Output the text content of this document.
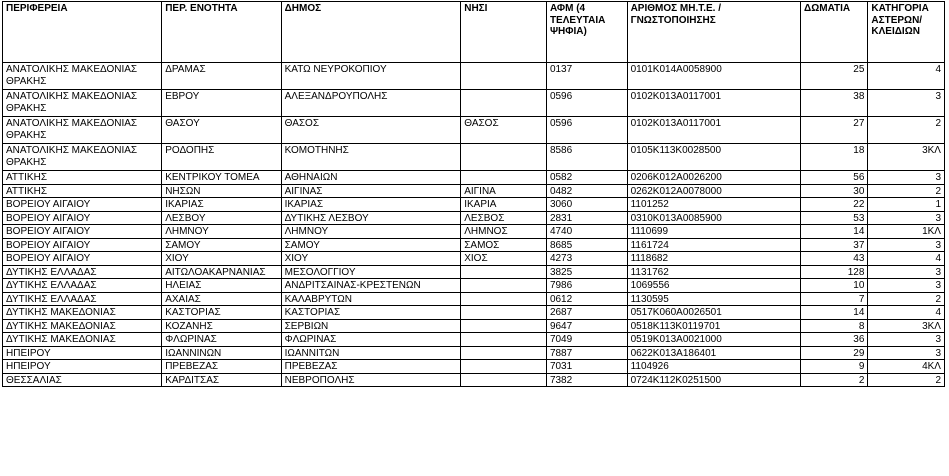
ΠΕΡΙΦΕΡΕΙΑ	ΠΕΡ. ΕΝΟΤΗΤΑ	ΔΗΜΟΣ	ΝΗΣΙ	ΑΦΜ (4 ΤΕΛΕΥΤΑΙΑ ΨΗΦΙΑ)	ΑΡΙΘΜΟΣ ΜΗ.Τ.Ε. / ΓΝΩΣΤΟΠΟΙΗΣΗΣ	ΔΩΜΑΤΙΑ	ΚΑΤΗΓΟΡΙΑ ΑΣΤΕΡΩΝ/ ΚΛΕΙΔΙΩΝ
ΑΝΑΤΟΛΙΚΗΣ ΜΑΚΕΔΟΝΙΑΣ ΘΡΑΚΗΣ	ΔΡΑΜΑΣ	ΚΑΤΩ ΝΕΥΡΟΚΟΠΙΟΥ		0137	0101Κ014Α0058900	25	4
ΑΝΑΤΟΛΙΚΗΣ ΜΑΚΕΔΟΝΙΑΣ ΘΡΑΚΗΣ	ΕΒΡΟΥ	ΑΛΕΞΑΝΔΡΟΥΠΟΛΗΣ		0596	0102Κ013Α0117001	38	3
ΑΝΑΤΟΛΙΚΗΣ ΜΑΚΕΔΟΝΙΑΣ ΘΡΑΚΗΣ	ΘΑΣΟΥ	ΘΑΣΟΣ	ΘΑΣΟΣ	0596	0102Κ013Α0117001	27	2
ΑΝΑΤΟΛΙΚΗΣ ΜΑΚΕΔΟΝΙΑΣ ΘΡΑΚΗΣ	ΡΟΔΟΠΗΣ	ΚΟΜΟΤΗΝΗΣ		8586	0105Κ113Κ0028500	18	3ΚΛ
ΑΤΤΙΚΗΣ	ΚΕΝΤΡΙΚΟΥ ΤΟΜΕΑ	ΑΘΗΝΑΙΩΝ		0582	0206Κ012Α0026200	56	3
ΑΤΤΙΚΗΣ	ΝΗΣΩΝ	ΑΙΓΙΝΑΣ	ΑΙΓΙΝΑ	0482	0262Κ012Α0078000	30	2
ΒΟΡΕΙΟΥ ΑΙΓΑΙΟΥ	ΙΚΑΡΙΑΣ	ΙΚΑΡΙΑΣ	ΙΚΑΡΙΑ	3060	1101252	22	1
ΒΟΡΕΙΟΥ ΑΙΓΑΙΟΥ	ΛΕΣΒΟΥ	ΔΥΤΙΚΗΣ ΛΕΣΒΟΥ	ΛΕΣΒΟΣ	2831	0310Κ013Α0085900	53	3
ΒΟΡΕΙΟΥ ΑΙΓΑΙΟΥ	ΛΗΜΝΟΥ	ΛΗΜΝΟΥ	ΛΗΜΝΟΣ	4740	1110699	14	1ΚΛ
ΒΟΡΕΙΟΥ ΑΙΓΑΙΟΥ	ΣΑΜΟΥ	ΣΑΜΟΥ	ΣΑΜΟΣ	8685	1161724	37	3
ΒΟΡΕΙΟΥ ΑΙΓΑΙΟΥ	ΧΙΟΥ	ΧΙΟΥ	ΧΙΟΣ	4273	1118682	43	4
ΔΥΤΙΚΗΣ ΕΛΛΑΔΑΣ	ΑΙΤΩΛΟΑΚΑΡΝΑΝΙΑΣ	ΜΕΣΟΛΟΓΓΙΟΥ		3825	1131762	128	3
ΔΥΤΙΚΗΣ ΕΛΛΑΔΑΣ	ΗΛΕΙΑΣ	ΑΝΔΡΙΤΣΑΙΝΑΣ-ΚΡΕΣΤΕΝΩΝ		7986	1069556	10	3
ΔΥΤΙΚΗΣ ΕΛΛΑΔΑΣ	ΑΧΑΙΑΣ	ΚΑΛΑΒΡΥΤΩΝ		0612	1130595	7	2
ΔΥΤΙΚΗΣ ΜΑΚΕΔΟΝΙΑΣ	ΚΑΣΤΟΡΙΑΣ	ΚΑΣΤΟΡΙΑΣ		2687	0517Κ060Α0026501	14	4
ΔΥΤΙΚΗΣ ΜΑΚΕΔΟΝΙΑΣ	ΚΟΖΑΝΗΣ	ΣΕΡΒΙΩΝ		9647	0518Κ113Κ0119701	8	3ΚΛ
ΔΥΤΙΚΗΣ ΜΑΚΕΔΟΝΙΑΣ	ΦΛΩΡΙΝΑΣ	ΦΛΩΡΙΝΑΣ		7049	0519Κ013Α0021000	36	3
ΗΠΕΙΡΟΥ	ΙΩΑΝΝΙΝΩΝ	ΙΩΑΝΝΙΤΩΝ		7887	0622Κ013Α186401	29	3
ΗΠΕΙΡΟΥ	ΠΡΕΒΕΖΑΣ	ΠΡΕΒΕΖΑΣ		7031	1104926	9	4ΚΛ
ΘΕΣΣΑΛΙΑΣ	ΚΑΡΔΙΤΣΑΣ	ΝΕΒΡΟΠΟΛΗΣ		7382	0724Κ112Κ0251500	2	2
